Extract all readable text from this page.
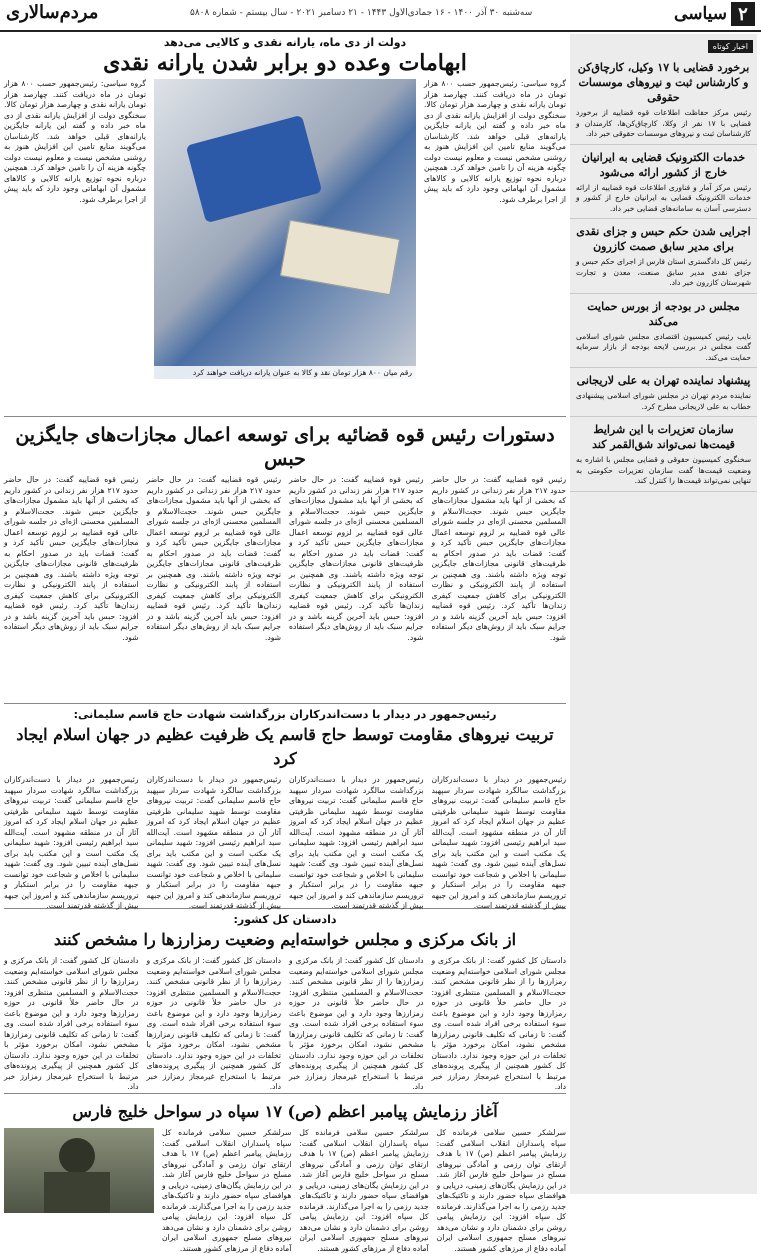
۲
سیاسی
سه‌شنبه ۳۰ آذر ۱۴۰۰ - ۱۶ جمادی‌الاول ۱۴۴۳ - ۲۱ دسامبر ۲۰۲۱ - سال بیستم - شماره ۵۸۰۸
مردم‌سالاری
اخبار کوتاه
برخورد قضایی با ۱۷ وکیل، کارچاق‌کن و کارشناس ثبت و نیروهای موسسات حقوقی
رئیس مرکز حفاظت اطلاعات قوه قضاییه از برخورد قضایی با ۱۷ نفر از وکلا، کارچاق‌کن‌ها، کارمندان و کارشناسان ثبت و نیروهای موسسات حقوقی خبر داد.
خدمات الکترونیک قضایی به ایرانیان خارج از کشور ارائه می‌شود
رئیس مرکز آمار و فناوری اطلاعات قوه قضاییه از ارائه خدمات الکترونیک قضایی به ایرانیان خارج از کشور و دسترسی آسان به سامانه‌های قضایی خبر داد.
اجرایی شدن حکم حبس و جزای نقدی برای مدیر سابق صمت کازرون
رئیس کل دادگستری استان فارس از اجرای حکم حبس و جزای نقدی مدیر سابق صنعت، معدن و تجارت شهرستان کازرون خبر داد.
مجلس در بودجه از بورس حمایت می‌کند
نایب رئیس کمیسیون اقتصادی مجلس شورای اسلامی گفت مجلس در بررسی لایحه بودجه از بازار سرمایه حمایت می‌کند.
پیشنهاد نماینده تهران به علی لاریجانی
نماینده مردم تهران در مجلس شورای اسلامی پیشنهادی خطاب به علی لاریجانی مطرح کرد.
سازمان تعزیرات با این شرایط قیمت‌ها نمی‌تواند شق‌القمر کند
سخنگوی کمیسیون حقوقی و قضایی مجلس با اشاره به وضعیت قیمت‌ها گفت سازمان تعزیرات حکومتی به تنهایی نمی‌تواند قیمت‌ها را کنترل کند.
دولت از دی ماه، یارانه نقدی و کالایی می‌دهد
ابهامات وعده دو برابر شدن یارانه نقدی
گروه سیاسی: رئیس‌جمهور حسب ۸۰۰ هزار تومان در ماه دریافت کنند. چهارصد هزار تومان یارانه نقدی و چهارصد هزار تومان کالا. سخنگوی دولت از افزایش یارانه نقدی از دی ماه خبر داده و گفته این یارانه جایگزین یارانه‌های قبلی خواهد شد. کارشناسان می‌گویند منابع تامین این افزایش هنوز به روشنی مشخص نیست و معلوم نیست دولت چگونه هزینه آن را تامین خواهد کرد. همچنین درباره نحوه توزیع یارانه کالایی و کالاهای مشمول آن ابهاماتی وجود دارد که باید پیش از اجرا برطرف شود.
رقم میان ۸۰۰ هزار تومان نقد و کالا به عنوان یارانه دریافت خواهند کرد
گروه سیاسی: رئیس‌جمهور حسب ۸۰۰ هزار تومان در ماه دریافت کنند. چهارصد هزار تومان یارانه نقدی و چهارصد هزار تومان کالا. سخنگوی دولت از افزایش یارانه نقدی از دی ماه خبر داده و گفته این یارانه جایگزین یارانه‌های قبلی خواهد شد. کارشناسان می‌گویند منابع تامین این افزایش هنوز به روشنی مشخص نیست و معلوم نیست دولت چگونه هزینه آن را تامین خواهد کرد. همچنین درباره نحوه توزیع یارانه کالایی و کالاهای مشمول آن ابهاماتی وجود دارد که باید پیش از اجرا برطرف شود.
دستورات رئیس قوه قضائیه برای توسعه اعمال مجازات‌های جایگزین حبس
رئیس قوه قضاییه گفت: در حال حاضر حدود ۲۱۷ هزار نفر زندانی در کشور داریم که بخشی از آنها باید مشمول مجازات‌های جایگزین حبس شوند. حجت‌الاسلام و المسلمین محسنی اژه‌ای در جلسه شورای عالی قوه قضاییه بر لزوم توسعه اعمال مجازات‌های جایگزین حبس تأکید کرد و گفت: قضات باید در صدور احکام به ظرفیت‌های قانونی مجازات‌های جایگزین توجه ویژه داشته باشند. وی همچنین بر استفاده از پابند الکترونیکی و نظارت الکترونیکی برای کاهش جمعیت کیفری زندان‌ها تأکید کرد. رئیس قوه قضاییه افزود: حبس باید آخرین گزینه باشد و در جرایم سبک باید از روش‌های دیگر استفاده شود.
رئیس قوه قضاییه گفت: در حال حاضر حدود ۲۱۷ هزار نفر زندانی در کشور داریم که بخشی از آنها باید مشمول مجازات‌های جایگزین حبس شوند. حجت‌الاسلام و المسلمین محسنی اژه‌ای در جلسه شورای عالی قوه قضاییه بر لزوم توسعه اعمال مجازات‌های جایگزین حبس تأکید کرد و گفت: قضات باید در صدور احکام به ظرفیت‌های قانونی مجازات‌های جایگزین توجه ویژه داشته باشند. وی همچنین بر استفاده از پابند الکترونیکی و نظارت الکترونیکی برای کاهش جمعیت کیفری زندان‌ها تأکید کرد. رئیس قوه قضاییه افزود: حبس باید آخرین گزینه باشد و در جرایم سبک باید از روش‌های دیگر استفاده شود.
رئیس قوه قضاییه گفت: در حال حاضر حدود ۲۱۷ هزار نفر زندانی در کشور داریم که بخشی از آنها باید مشمول مجازات‌های جایگزین حبس شوند. حجت‌الاسلام و المسلمین محسنی اژه‌ای در جلسه شورای عالی قوه قضاییه بر لزوم توسعه اعمال مجازات‌های جایگزین حبس تأکید کرد و گفت: قضات باید در صدور احکام به ظرفیت‌های قانونی مجازات‌های جایگزین توجه ویژه داشته باشند. وی همچنین بر استفاده از پابند الکترونیکی و نظارت الکترونیکی برای کاهش جمعیت کیفری زندان‌ها تأکید کرد. رئیس قوه قضاییه افزود: حبس باید آخرین گزینه باشد و در جرایم سبک باید از روش‌های دیگر استفاده شود.
رئیس قوه قضاییه گفت: در حال حاضر حدود ۲۱۷ هزار نفر زندانی در کشور داریم که بخشی از آنها باید مشمول مجازات‌های جایگزین حبس شوند. حجت‌الاسلام و المسلمین محسنی اژه‌ای در جلسه شورای عالی قوه قضاییه بر لزوم توسعه اعمال مجازات‌های جایگزین حبس تأکید کرد و گفت: قضات باید در صدور احکام به ظرفیت‌های قانونی مجازات‌های جایگزین توجه ویژه داشته باشند. وی همچنین بر استفاده از پابند الکترونیکی و نظارت الکترونیکی برای کاهش جمعیت کیفری زندان‌ها تأکید کرد. رئیس قوه قضاییه افزود: حبس باید آخرین گزینه باشد و در جرایم سبک باید از روش‌های دیگر استفاده شود.
رئیس‌جمهور در دیدار با دست‌اندرکاران بزرگداشت شهادت حاج قاسم سلیمانی:
تربیت نیروهای مقاومت توسط حاج قاسم یک ظرفیت عظیم در جهان اسلام ایجاد کرد
رئیس‌جمهور در دیدار با دست‌اندرکاران بزرگداشت سالگرد شهادت سردار سپهبد حاج قاسم سلیمانی گفت: تربیت نیروهای مقاومت توسط شهید سلیمانی ظرفیتی عظیم در جهان اسلام ایجاد کرد که امروز آثار آن در منطقه مشهود است. آیت‌الله سید ابراهیم رئیسی افزود: شهید سلیمانی یک مکتب است و این مکتب باید برای نسل‌های آینده تبیین شود. وی گفت: شهید سلیمانی با اخلاص و شجاعت خود توانست جبهه مقاومت را در برابر استکبار و تروریسم سازماندهی کند و امروز این جبهه بیش از گذشته قدرتمند است.
رئیس‌جمهور در دیدار با دست‌اندرکاران بزرگداشت سالگرد شهادت سردار سپهبد حاج قاسم سلیمانی گفت: تربیت نیروهای مقاومت توسط شهید سلیمانی ظرفیتی عظیم در جهان اسلام ایجاد کرد که امروز آثار آن در منطقه مشهود است. آیت‌الله سید ابراهیم رئیسی افزود: شهید سلیمانی یک مکتب است و این مکتب باید برای نسل‌های آینده تبیین شود. وی گفت: شهید سلیمانی با اخلاص و شجاعت خود توانست جبهه مقاومت را در برابر استکبار و تروریسم سازماندهی کند و امروز این جبهه بیش از گذشته قدرتمند است.
رئیس‌جمهور در دیدار با دست‌اندرکاران بزرگداشت سالگرد شهادت سردار سپهبد حاج قاسم سلیمانی گفت: تربیت نیروهای مقاومت توسط شهید سلیمانی ظرفیتی عظیم در جهان اسلام ایجاد کرد که امروز آثار آن در منطقه مشهود است. آیت‌الله سید ابراهیم رئیسی افزود: شهید سلیمانی یک مکتب است و این مکتب باید برای نسل‌های آینده تبیین شود. وی گفت: شهید سلیمانی با اخلاص و شجاعت خود توانست جبهه مقاومت را در برابر استکبار و تروریسم سازماندهی کند و امروز این جبهه بیش از گذشته قدرتمند است.
رئیس‌جمهور در دیدار با دست‌اندرکاران بزرگداشت سالگرد شهادت سردار سپهبد حاج قاسم سلیمانی گفت: تربیت نیروهای مقاومت توسط شهید سلیمانی ظرفیتی عظیم در جهان اسلام ایجاد کرد که امروز آثار آن در منطقه مشهود است. آیت‌الله سید ابراهیم رئیسی افزود: شهید سلیمانی یک مکتب است و این مکتب باید برای نسل‌های آینده تبیین شود. وی گفت: شهید سلیمانی با اخلاص و شجاعت خود توانست جبهه مقاومت را در برابر استکبار و تروریسم سازماندهی کند و امروز این جبهه بیش از گذشته قدرتمند است.
دادستان کل کشور:
از بانک مرکزی و مجلس خواسته‌ایم وضعیت رمزارزها را مشخص کنند
دادستان کل کشور گفت: از بانک مرکزی و مجلس شورای اسلامی خواسته‌ایم وضعیت رمزارزها را از نظر قانونی مشخص کنند. حجت‌الاسلام و المسلمین منتظری افزود: در حال حاضر خلأ قانونی در حوزه رمزارزها وجود دارد و این موضوع باعث سوء استفاده برخی افراد شده است. وی گفت: تا زمانی که تکلیف قانونی رمزارزها مشخص نشود، امکان برخورد مؤثر با تخلفات در این حوزه وجود ندارد. دادستان کل کشور همچنین از پیگیری پرونده‌های مرتبط با استخراج غیرمجاز رمزارز خبر داد.
دادستان کل کشور گفت: از بانک مرکزی و مجلس شورای اسلامی خواسته‌ایم وضعیت رمزارزها را از نظر قانونی مشخص کنند. حجت‌الاسلام و المسلمین منتظری افزود: در حال حاضر خلأ قانونی در حوزه رمزارزها وجود دارد و این موضوع باعث سوء استفاده برخی افراد شده است. وی گفت: تا زمانی که تکلیف قانونی رمزارزها مشخص نشود، امکان برخورد مؤثر با تخلفات در این حوزه وجود ندارد. دادستان کل کشور همچنین از پیگیری پرونده‌های مرتبط با استخراج غیرمجاز رمزارز خبر داد.
دادستان کل کشور گفت: از بانک مرکزی و مجلس شورای اسلامی خواسته‌ایم وضعیت رمزارزها را از نظر قانونی مشخص کنند. حجت‌الاسلام و المسلمین منتظری افزود: در حال حاضر خلأ قانونی در حوزه رمزارزها وجود دارد و این موضوع باعث سوء استفاده برخی افراد شده است. وی گفت: تا زمانی که تکلیف قانونی رمزارزها مشخص نشود، امکان برخورد مؤثر با تخلفات در این حوزه وجود ندارد. دادستان کل کشور همچنین از پیگیری پرونده‌های مرتبط با استخراج غیرمجاز رمزارز خبر داد.
دادستان کل کشور گفت: از بانک مرکزی و مجلس شورای اسلامی خواسته‌ایم وضعیت رمزارزها را از نظر قانونی مشخص کنند. حجت‌الاسلام و المسلمین منتظری افزود: در حال حاضر خلأ قانونی در حوزه رمزارزها وجود دارد و این موضوع باعث سوء استفاده برخی افراد شده است. وی گفت: تا زمانی که تکلیف قانونی رمزارزها مشخص نشود، امکان برخورد مؤثر با تخلفات در این حوزه وجود ندارد. دادستان کل کشور همچنین از پیگیری پرونده‌های مرتبط با استخراج غیرمجاز رمزارز خبر داد.
آغاز رزمایش پیامبر اعظم (ص) ۱۷ سپاه در سواحل خلیج فارس
سرلشکر حسین سلامی فرمانده کل سپاه پاسداران انقلاب اسلامی گفت: رزمایش پیامبر اعظم (ص) ۱۷ با هدف ارتقای توان رزمی و آمادگی نیروهای مسلح در سواحل خلیج فارس آغاز شد. در این رزمایش یگان‌های زمینی، دریایی و هوافضای سپاه حضور دارند و تاکتیک‌های جدید رزمی را به اجرا می‌گذارند. فرمانده کل سپاه افزود: این رزمایش پیامی روشن برای دشمنان دارد و نشان می‌دهد نیروهای مسلح جمهوری اسلامی ایران آماده دفاع از مرزهای کشور هستند.
سرلشکر حسین سلامی فرمانده کل سپاه پاسداران انقلاب اسلامی گفت: رزمایش پیامبر اعظم (ص) ۱۷ با هدف ارتقای توان رزمی و آمادگی نیروهای مسلح در سواحل خلیج فارس آغاز شد. در این رزمایش یگان‌های زمینی، دریایی و هوافضای سپاه حضور دارند و تاکتیک‌های جدید رزمی را به اجرا می‌گذارند. فرمانده کل سپاه افزود: این رزمایش پیامی روشن برای دشمنان دارد و نشان می‌دهد نیروهای مسلح جمهوری اسلامی ایران آماده دفاع از مرزهای کشور هستند.
سرلشکر حسین سلامی فرمانده کل سپاه پاسداران انقلاب اسلامی گفت: رزمایش پیامبر اعظم (ص) ۱۷ با هدف ارتقای توان رزمی و آمادگی نیروهای مسلح در سواحل خلیج فارس آغاز شد. در این رزمایش یگان‌های زمینی، دریایی و هوافضای سپاه حضور دارند و تاکتیک‌های جدید رزمی را به اجرا می‌گذارند. فرمانده کل سپاه افزود: این رزمایش پیامی روشن برای دشمنان دارد و نشان می‌دهد نیروهای مسلح جمهوری اسلامی ایران آماده دفاع از مرزهای کشور هستند.
